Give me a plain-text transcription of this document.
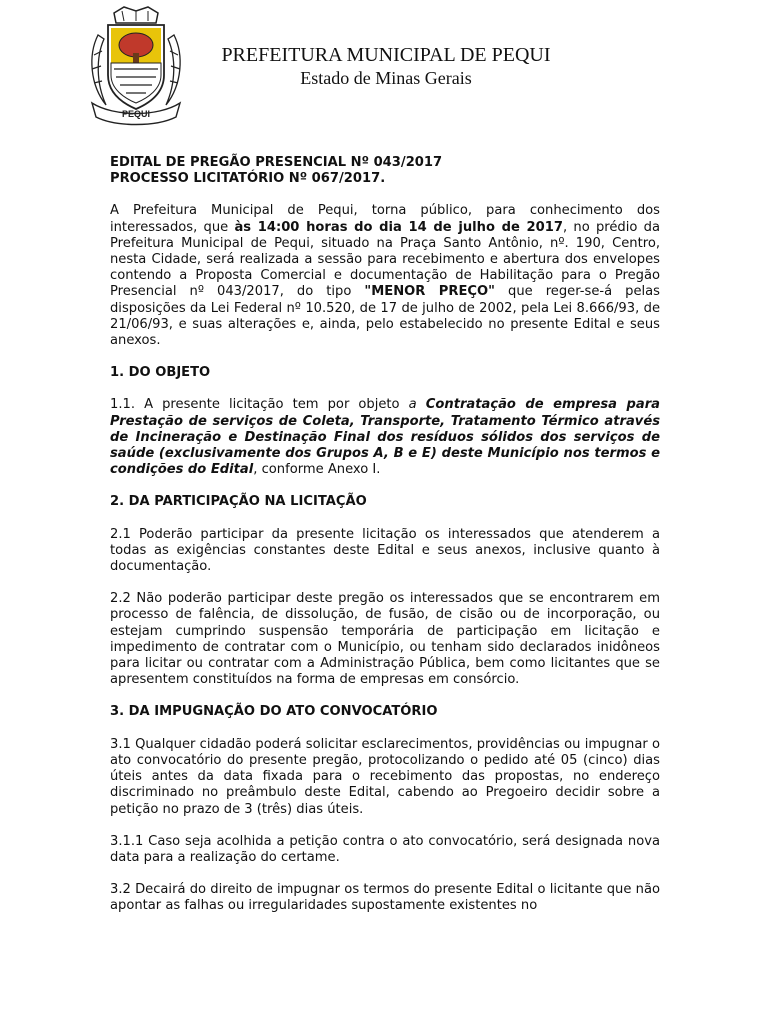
PEQUI
PREFEITURA MUNICIPAL DE PEQUI
Estado de Minas Gerais

EDITAL DE PREGÃO PRESENCIAL Nº 043/2017

PROCESSO LICITATÓRIO Nº 067/2017.

A Prefeitura Municipal de Pequi, torna público, para conhecimento dos interessados, que às 14:00 horas do dia 14 de julho de 2017, no prédio da Prefeitura Municipal de Pequi, situado na Praça Santo Antônio, nº. 190, Centro, nesta Cidade, será realizada a sessão para recebimento e abertura dos envelopes contendo a Proposta Comercial e documentação de Habilitação para o Pregão Presencial nº 043/2017, do tipo "MENOR PREÇO" que reger-se-á pelas disposições da Lei Federal nº 10.520, de 17 de julho de 2002, pela Lei 8.666/93, de 21/06/93, e suas alterações e, ainda, pelo estabelecido no presente Edital e seus anexos.

1. DO OBJETO

1.1. A presente licitação tem por objeto a Contratação de empresa para Prestação de serviços de Coleta, Transporte, Tratamento Térmico através de Incineração e Destinação Final dos resíduos sólidos dos serviços de saúde (exclusivamente dos Grupos A, B e E) deste Município nos termos e condições do Edital, conforme Anexo I.

2. DA PARTICIPAÇÃO NA LICITAÇÃO

2.1 Poderão participar da presente licitação os interessados que atenderem a todas as exigências constantes deste Edital e seus anexos, inclusive quanto à documentação.

2.2 Não poderão participar deste pregão os interessados que se encontrarem em processo de falência, de dissolução, de fusão, de cisão ou de incorporação, ou estejam cumprindo suspensão temporária de participação em licitação e impedimento de contratar com o Município, ou tenham sido declarados inidôneos para licitar ou contratar com a Administração Pública, bem como licitantes que se apresentem constituídos na forma de empresas em consórcio.

3. DA IMPUGNAÇÃO DO ATO CONVOCATÓRIO

3.1 Qualquer cidadão poderá solicitar esclarecimentos, providências ou impugnar o ato convocatório do presente pregão, protocolizando o pedido até 05 (cinco) dias úteis antes da data fixada para o recebimento das propostas, no endereço discriminado no preâmbulo deste Edital, cabendo ao Pregoeiro decidir sobre a petição no prazo de 3 (três) dias úteis.

3.1.1 Caso seja acolhida a petição contra o ato convocatório, será designada nova data para a realização do certame.

3.2 Decairá do direito de impugnar os termos do presente Edital o licitante que não apontar as falhas ou irregularidades supostamente existentes no
